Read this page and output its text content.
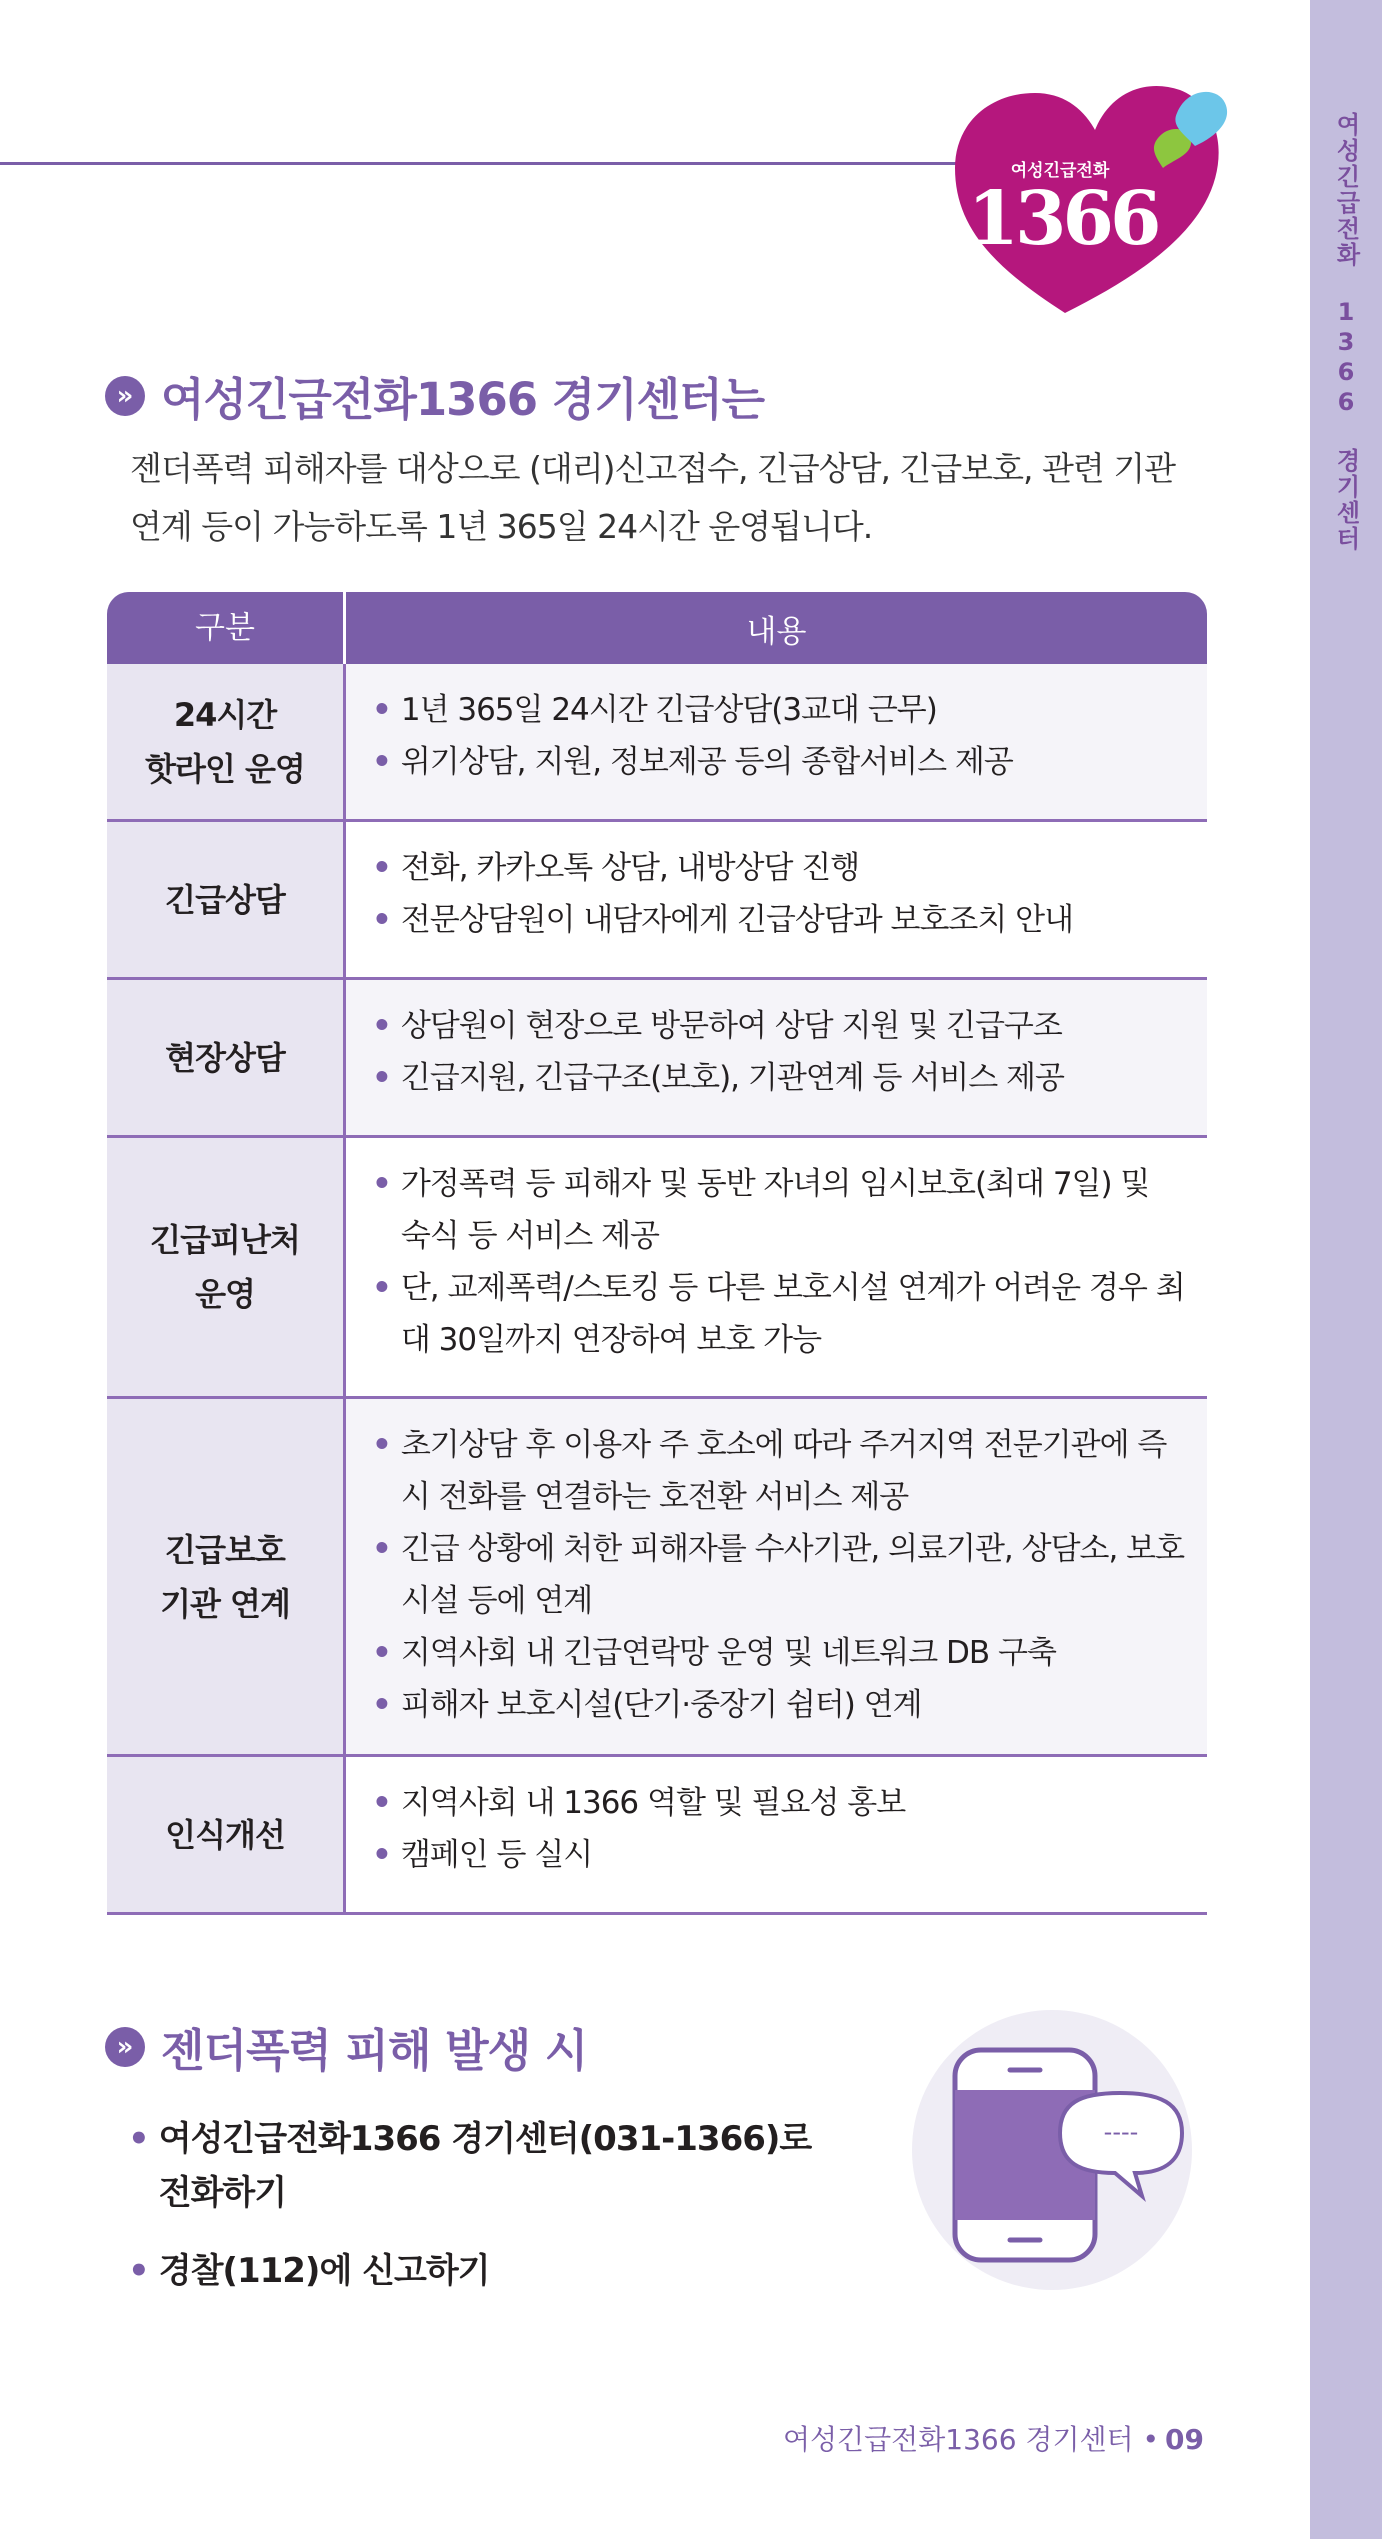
여성긴급전화 1366 경기센터
여성긴급전화
1366
» 여성긴급전화1366 경기센터는
젠더폭력 피해자를 대상으로 (대리)신고접수, 긴급상담, 긴급보호, 관련 기관
연계 등이 가능하도록 1년 365일 24시간 운영됩니다.
구분	내용
24시간
핫라인 운영
• 1년 365일 24시간 긴급상담(3교대 근무)
• 위기상담, 지원, 정보제공 등의 종합서비스 제공
긴급상담
• 전화, 카카오톡 상담, 내방상담 진행
• 전문상담원이 내담자에게 긴급상담과 보호조치 안내
현장상담
• 상담원이 현장으로 방문하여 상담 지원 및 긴급구조
• 긴급지원, 긴급구조(보호), 기관연계 등 서비스 제공
긴급피난처
운영
• 가정폭력 등 피해자 및 동반 자녀의 임시보호(최대 7일) 및 숙식 등 서비스 제공
• 단, 교제폭력/스토킹 등 다른 보호시설 연계가 어려운 경우 최대 30일까지 연장하여 보호 가능
긴급보호
기관 연계
• 초기상담 후 이용자 주 호소에 따라 주거지역 전문기관에 즉시 전화를 연결하는 호전환 서비스 제공
• 긴급 상황에 처한 피해자를 수사기관, 의료기관, 상담소, 보호시설 등에 연계
• 지역사회 내 긴급연락망 운영 및 네트워크 DB 구축
• 피해자 보호시설(단기·중장기 쉼터) 연계
인식개선
• 지역사회 내 1366 역할 및 필요성 홍보
• 캠페인 등 실시
» 젠더폭력 피해 발생 시
• 여성긴급전화1366 경기센터(031-1366)로
전화하기
• 경찰(112)에 신고하기
----
여성긴급전화1366 경기센터 • 09
